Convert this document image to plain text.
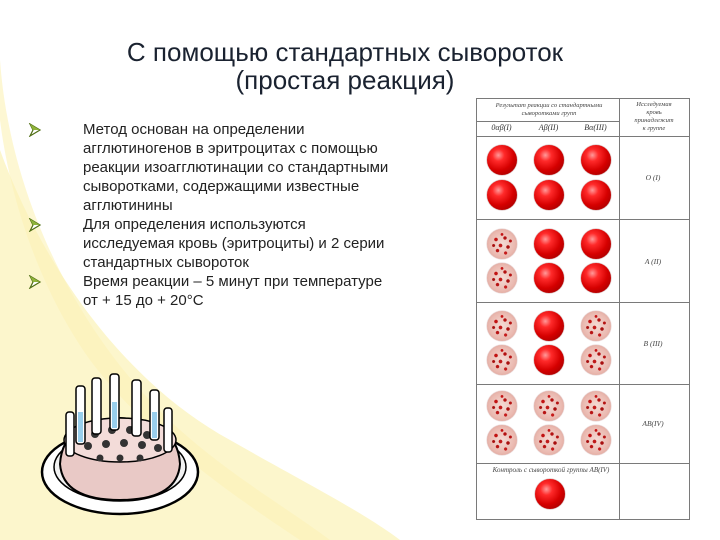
С помощью стандартных сывороток
(простая реакция)
Метод основан на определении
агглютиногенов в эритроцитах с помощью
реакции изоагглютинации со стандартными
сыворотками, содержащими известные
агглютинины
Для определения используются
исследуемая кровь (эритроциты) и 2 серии
стандартных сывороток
Время реакции – 5 минут при температуре
от + 15 до + 20°С
Результат реакции со стандартными
сыворотками групп
Исследуемая
кровь
принадлежит
к группе
0αβ(I)	Aβ(II)	Bα(III)
O (I)
A (II)
B (III)
AB(IV)
Контроль с сывороткой группы AB(IV)
